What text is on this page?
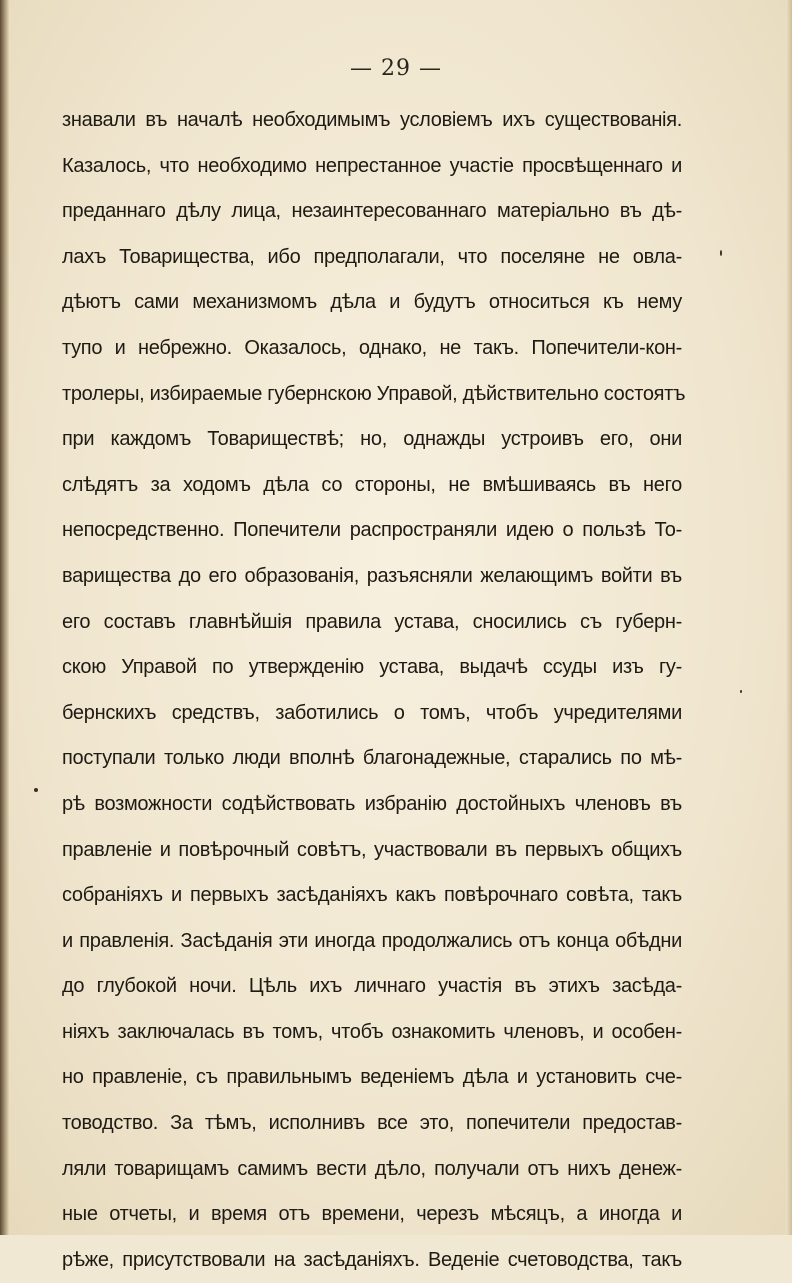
— 29 —
знавали въ началѣ необходимымъ условіемъ ихъ существованія.
Казалось, что необходимо непрестанное участіе просвѣщеннаго и
преданнаго дѣлу лица, незаинтересованнаго матеріально въ дѣ-
лахъ Товарищества, ибо предполагали, что поселяне не овла-
дѣютъ сами механизмомъ дѣла и будутъ относиться къ нему
тупо и небрежно. Оказалось, однако, не такъ. Попечители-кон-
тролеры, избираемые губернскою Управой, дѣйствительно состоятъ
при каждомъ Товариществѣ; но, однажды устроивъ его, они
слѣдятъ за ходомъ дѣла со стороны, не вмѣшиваясь въ него
непосредственно. Попечители распространяли идею о пользѣ То-
варищества до его образованія, разъясняли желающимъ войти въ
его составъ главнѣйшія правила устава, сносились съ губерн-
скою Управой по утвержденію устава, выдачѣ ссуды изъ гу-
бернскихъ средствъ, заботились о томъ, чтобъ учредителями
поступали только люди вполнѣ благонадежные, старались по мѣ-
рѣ возможности содѣйствовать избранію достойныхъ членовъ въ
правленіе и повѣрочный совѣтъ, участвовали въ первыхъ общихъ
собраніяхъ и первыхъ засѣданіяхъ какъ повѣрочнаго совѣта, такъ
и правленія. Засѣданія эти иногда продолжались отъ конца обѣдни
до глубокой ночи. Цѣль ихъ личнаго участія въ этихъ засѣда-
ніяхъ заключалась въ томъ, чтобъ ознакомить членовъ, и особен-
но правленіе, съ правильнымъ веденіемъ дѣла и установить сче-
товодство. За тѣмъ, исполнивъ все это, попечители предостав-
ляли товарищамъ самимъ вести дѣло, получали отъ нихъ денеж-
ные отчеты, и время отъ времени, черезъ мѣсяцъ, а иногда и
рѣже, присутствовали на засѣданіяхъ. Веденіе счетоводства, такъ
